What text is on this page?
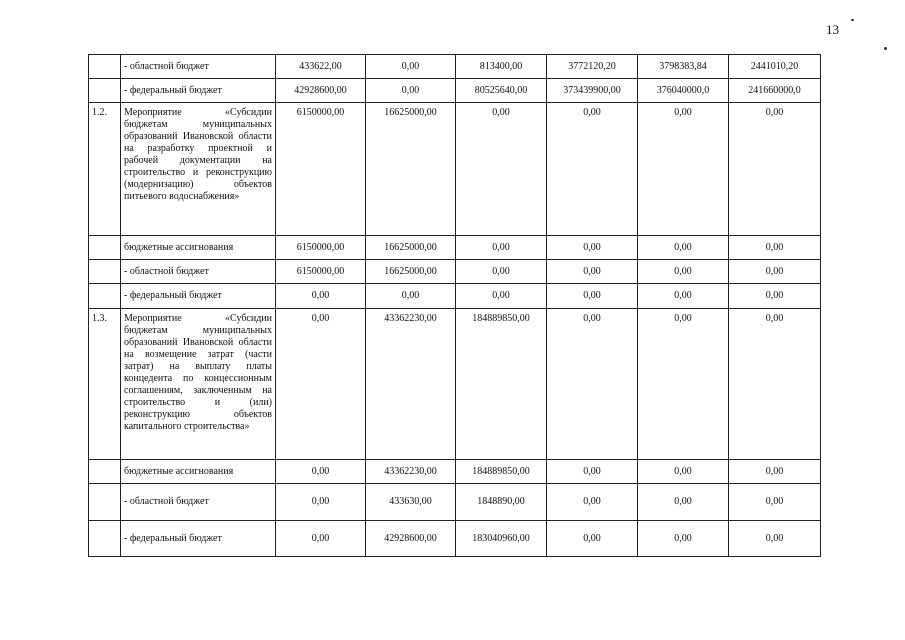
13
	- областной бюджет	433622,00	0,00	813400,00	3772120,20	3798383,84	2441010,20
	- федеральный бюджет	42928600,00	0,00	80525640,00	373439900,00	376040000,0	241660000,0
1.2.	Мероприятие «Субсидии бюджетам муниципальных образований Ивановской области на разработку проектной и рабочей документации на строительство и реконструкцию (модернизацию) объектов питьевого водоснабжения»	6150000,00	16625000,00	0,00	0,00	0,00	0,00
	бюджетные ассигнования	6150000,00	16625000,00	0,00	0,00	0,00	0,00
	- областной бюджет	6150000,00	16625000,00	0,00	0,00	0,00	0,00
	- федеральный бюджет	0,00	0,00	0,00	0,00	0,00	0,00
1.3.	Мероприятие «Субсидии бюджетам муниципальных образований Ивановской области на возмещение затрат (части затрат) на выплату платы концедента по концессионным соглашениям, заключенным на строительство и (или) реконструкцию объектов капитального строительства»	0,00	43362230,00	184889850,00	0,00	0,00	0,00
	бюджетные ассигнования	0,00	43362230,00	184889850,00	0,00	0,00	0,00
	- областной бюджет	0,00	433630,00	1848890,00	0,00	0,00	0,00
	- федеральный бюджет	0,00	42928600,00	183040960,00	0,00	0,00	0,00
